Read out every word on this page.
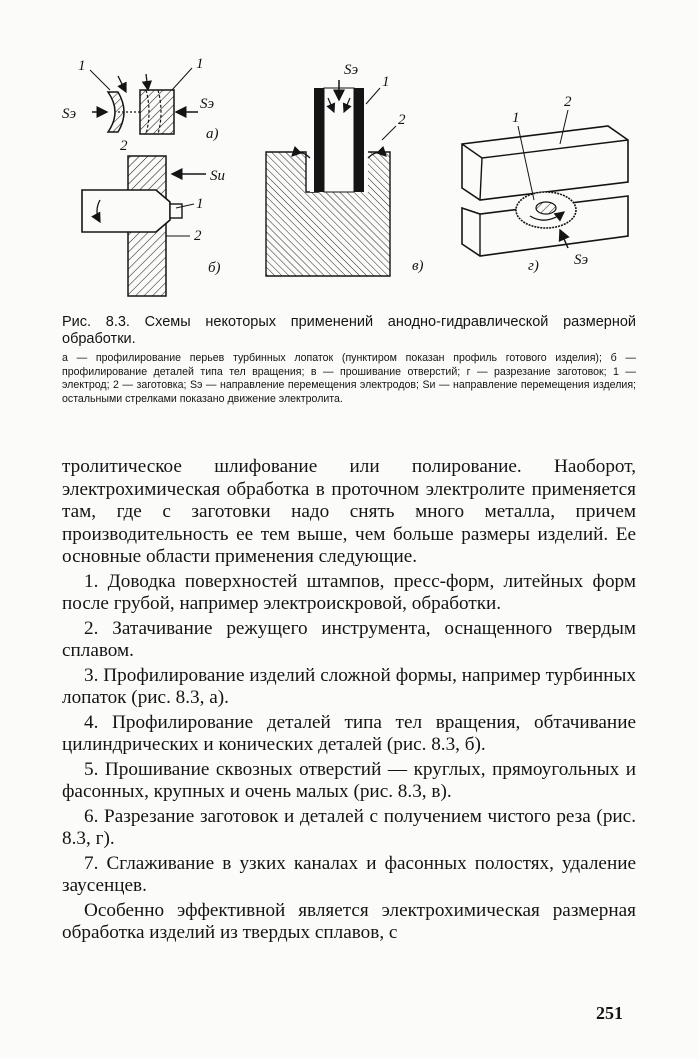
1	1
2
Sэ
Sэ
а)
Sи
1
2
б)
Sэ
1
2
в)
1
2
Sэ
г)
Рис. 8.3. Схемы некоторых применений анодно-гидравлической размерной обработки.
а — профилирование перьев турбинных лопаток (пунктиром показан профиль готового изделия); б — профилирование деталей типа тел вращения; в — прошивание отверстий; г — разрезание заготовок; 1 — электрод; 2 — заготовка; Sэ — направление перемещения электродов; Sи — направление перемещения изделия; остальными стрелками показано движение электролита.

тролитическое шлифование или полирование. Наоборот, электрохимическая обработка в проточном электролите применяется там, где с заготовки надо снять много металла, причем производительность ее тем выше, чем больше размеры изделий. Ее основные области применения следующие.

1. Доводка поверхностей штампов, пресс-форм, литейных форм после грубой, например электроискровой, обработки.

2. Затачивание режущего инструмента, оснащенного твердым сплавом.

3. Профилирование изделий сложной формы, например турбинных лопаток (рис. 8.3, а).

4. Профилирование деталей типа тел вращения, обтачивание цилиндрических и конических деталей (рис. 8.3, б).

5. Прошивание сквозных отверстий — круглых, прямоугольных и фасонных, крупных и очень малых (рис. 8.3, в).

6. Разрезание заготовок и деталей с получением чистого реза (рис. 8.3, г).

7. Сглаживание в узких каналах и фасонных полостях, удаление заусенцев.

Особенно эффективной является электрохимическая размерная обработка изделий из твердых сплавов, с

251
